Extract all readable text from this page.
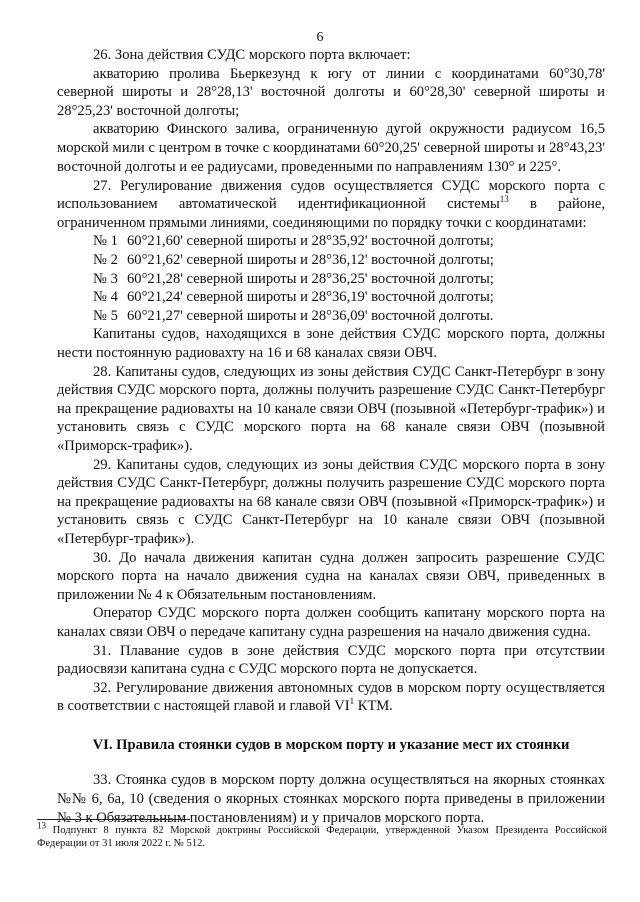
6

26. Зона действия СУДС морского порта включает:

акваторию пролива Бьеркезунд к югу от линии с координатами 60°30,78' северной широты и 28°28,13' восточной долготы и 60°28,30' северной широты и 28°25,23' восточной долготы;

акваторию Финского залива, ограниченную дугой окружности радиусом 16,5 морской мили с центром в точке с координатами 60°20,25' северной широты и 28°43,23' восточной долготы и ее радиусами, проведенными по направлениям 130° и 225°.

27. Регулирование движения судов осуществляется СУДС морского порта с использованием автоматической идентификационной системы$^{13}$ в районе, ограниченном прямыми линиями, соединяющими по порядку точки с координатами:

№ 1 60°21,60' северной широты и 28°35,92' восточной долготы;
№ 2 60°21,62' северной широты и 28°36,12' восточной долготы;
№ 3 60°21,28' северной широты и 28°36,25' восточной долготы;
№ 4 60°21,24' северной широты и 28°36,19' восточной долготы;
№ 5 60°21,27' северной широты и 28°36,09' восточной долготы.

Капитаны судов, находящихся в зоне действия СУДС морского порта, должны нести постоянную радиовахту на 16 и 68 каналах связи ОВЧ.

28. Капитаны судов, следующих из зоны действия СУДС Санкт-Петербург в зону действия СУДС морского порта, должны получить разрешение СУДС Санкт-Петербург на прекращение радиовахты на 10 канале связи ОВЧ (позывной «Петербург-трафик») и установить связь с СУДС морского порта на 68 канале связи ОВЧ (позывной «Приморск-трафик»).

29. Капитаны судов, следующих из зоны действия СУДС морского порта в зону действия СУДС Санкт-Петербург, должны получить разрешение СУДС морского порта на прекращение радиовахты на 68 канале связи ОВЧ (позывной «Приморск-трафик») и установить связь с СУДС Санкт-Петербург на 10 канале связи ОВЧ (позывной «Петербург-трафик»).

30. До начала движения капитан судна должен запросить разрешение СУДС морского порта на начало движения судна на каналах связи ОВЧ, приведенных в приложении № 4 к Обязательным постановлениям.

Оператор СУДС морского порта должен сообщить капитану морского порта на каналах связи ОВЧ о передаче капитану судна разрешения на начало движения судна.

31. Плавание судов в зоне действия СУДС морского порта при отсутствии радиосвязи капитана судна с СУДС морского порта не допускается.

32. Регулирование движения автономных судов в морском порту осуществляется в соответствии с настоящей главой и главой $VI^1$ КТМ.

VI. Правила стоянки судов в морском порту и указание мест их стоянки

33. Стоянка судов в морском порту должна осуществляться на якорных стоянках №№ 6, 6а, 10 (сведения о якорных стоянках морского порта приведены в приложении № 3 к Обязательным постановлениям) и у причалов морского порта.

$^{13}$ Подпункт 8 пункта 82 Морской доктрины Российской Федерации, утвержденной Указом Президента Российской Федерации от 31 июля 2022 г. № 512.
